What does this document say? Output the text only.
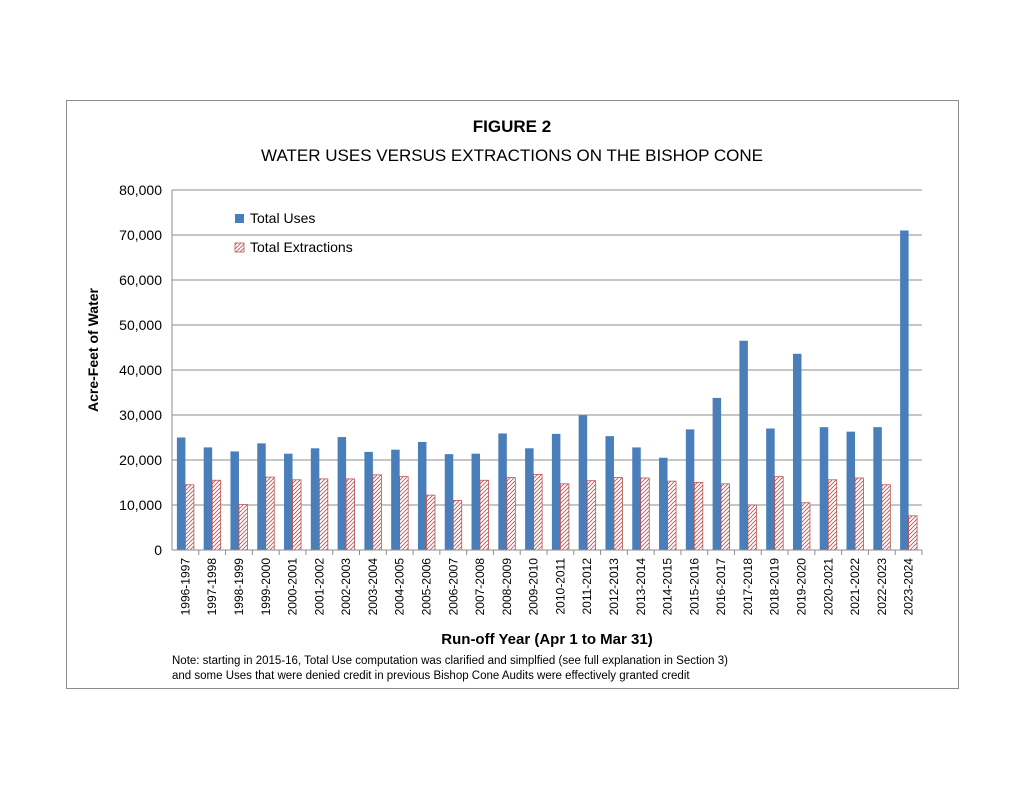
FIGURE 2
WATER USES VERSUS EXTRACTIONS ON THE BISHOP CONE
0
10,000
20,000
30,000
40,000
50,000
60,000
70,000
80,000
1996-1997 1997-1998 1998-1999 1999-2000 2000-2001 2001-2002 2002-2003 2003-2004 2004-2005 2005-2006 2006-2007 2007-2008 2008-2009 2009-2010 2010-2011 2011-2012 2012-2013 2013-2014 2014-2015 2015-2016 2016-2017 2017-2018 2018-2019 2019-2020 2020-2021 2021-2022 2022-2023 2023-2024
Run-off Year (Apr 1 to Mar 31)
Acre-Feet of Water
Total Uses
Total Extractions
Note: starting in 2015-16, Total Use computation was clarified and simplfied (see full explanation in Section 3)
and some Uses that were denied credit in previous Bishop Cone Audits were effectively granted credit
